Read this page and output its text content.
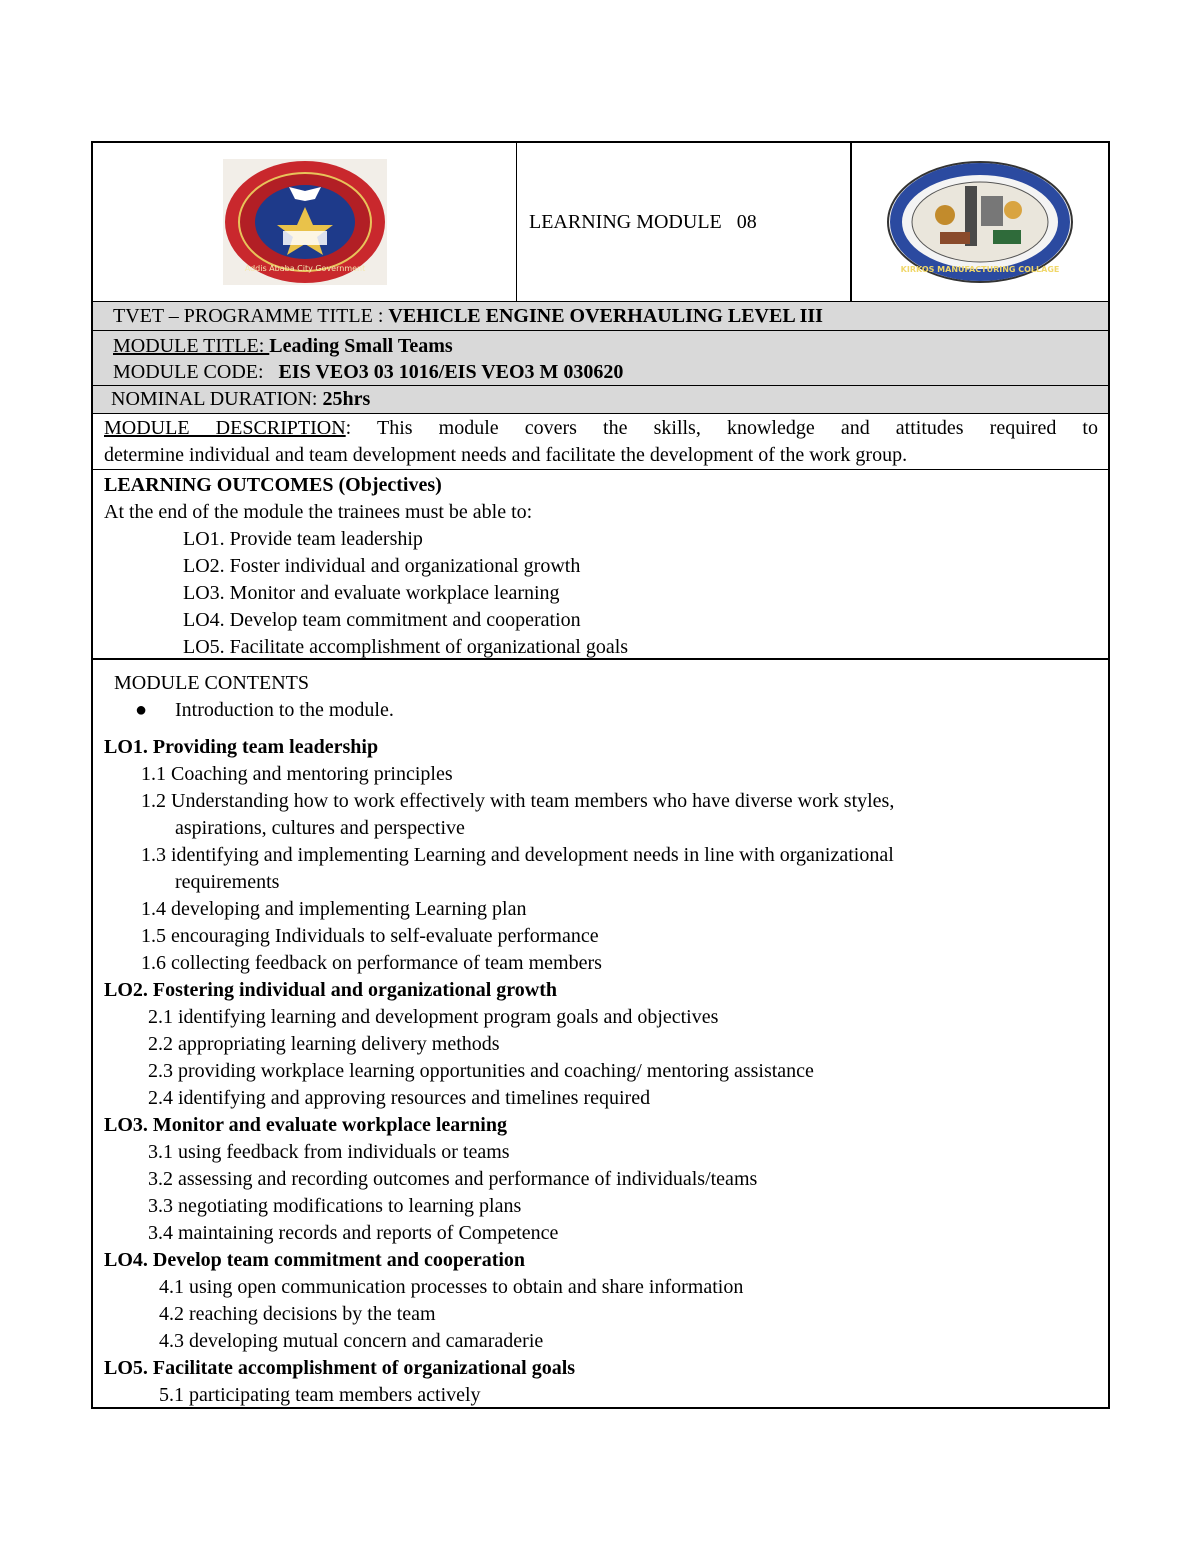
Addis Ababa City Government
LEARNING MODULE   08
KIRKOS MANUFACTURING COLLAGE
TVET – PROGRAMME TITLE : VEHICLE ENGINE OVERHAULING LEVEL III
MODULE TITLE: Leading Small Teams
MODULE CODE:   EIS VEO3 03 1016/EIS VEO3 M 030620
NOMINAL DURATION: 25hrs
MODULE DESCRIPTION: This module covers the skills, knowledge and attitudes required to
determine individual and team development needs and facilitate the development of the work group.
LEARNING OUTCOMES (Objectives)
At the end of the module the trainees must be able to:
LO1. Provide team leadership
LO2. Foster individual and organizational growth
LO3. Monitor and evaluate workplace learning
LO4. Develop team commitment and cooperation
LO5. Facilitate accomplishment of organizational goals
MODULE CONTENTS
●	Introduction to the module.
LO1. Providing team leadership
1.1 Coaching and mentoring principles
1.2 Understanding how to work effectively with team members who have diverse work styles,
aspirations, cultures and perspective
1.3 identifying and implementing Learning and development needs in line with organizational
requirements
1.4 developing and implementing Learning plan
1.5 encouraging Individuals to self-evaluate performance
1.6 collecting feedback on performance of team members
LO2. Fostering individual and organizational growth
2.1 identifying learning and development program goals and objectives
2.2 appropriating learning delivery methods
2.3 providing workplace learning opportunities and coaching/ mentoring assistance
2.4 identifying and approving resources and timelines required
LO3. Monitor and evaluate workplace learning
3.1 using feedback from individuals or teams
3.2 assessing and recording outcomes and performance of individuals/teams
3.3 negotiating modifications to learning plans
3.4 maintaining records and reports of Competence
LO4. Develop team commitment and cooperation
4.1 using open communication processes to obtain and share information
4.2 reaching decisions by the team
4.3 developing mutual concern and camaraderie
LO5. Facilitate accomplishment of organizational goals
5.1 participating team members actively
